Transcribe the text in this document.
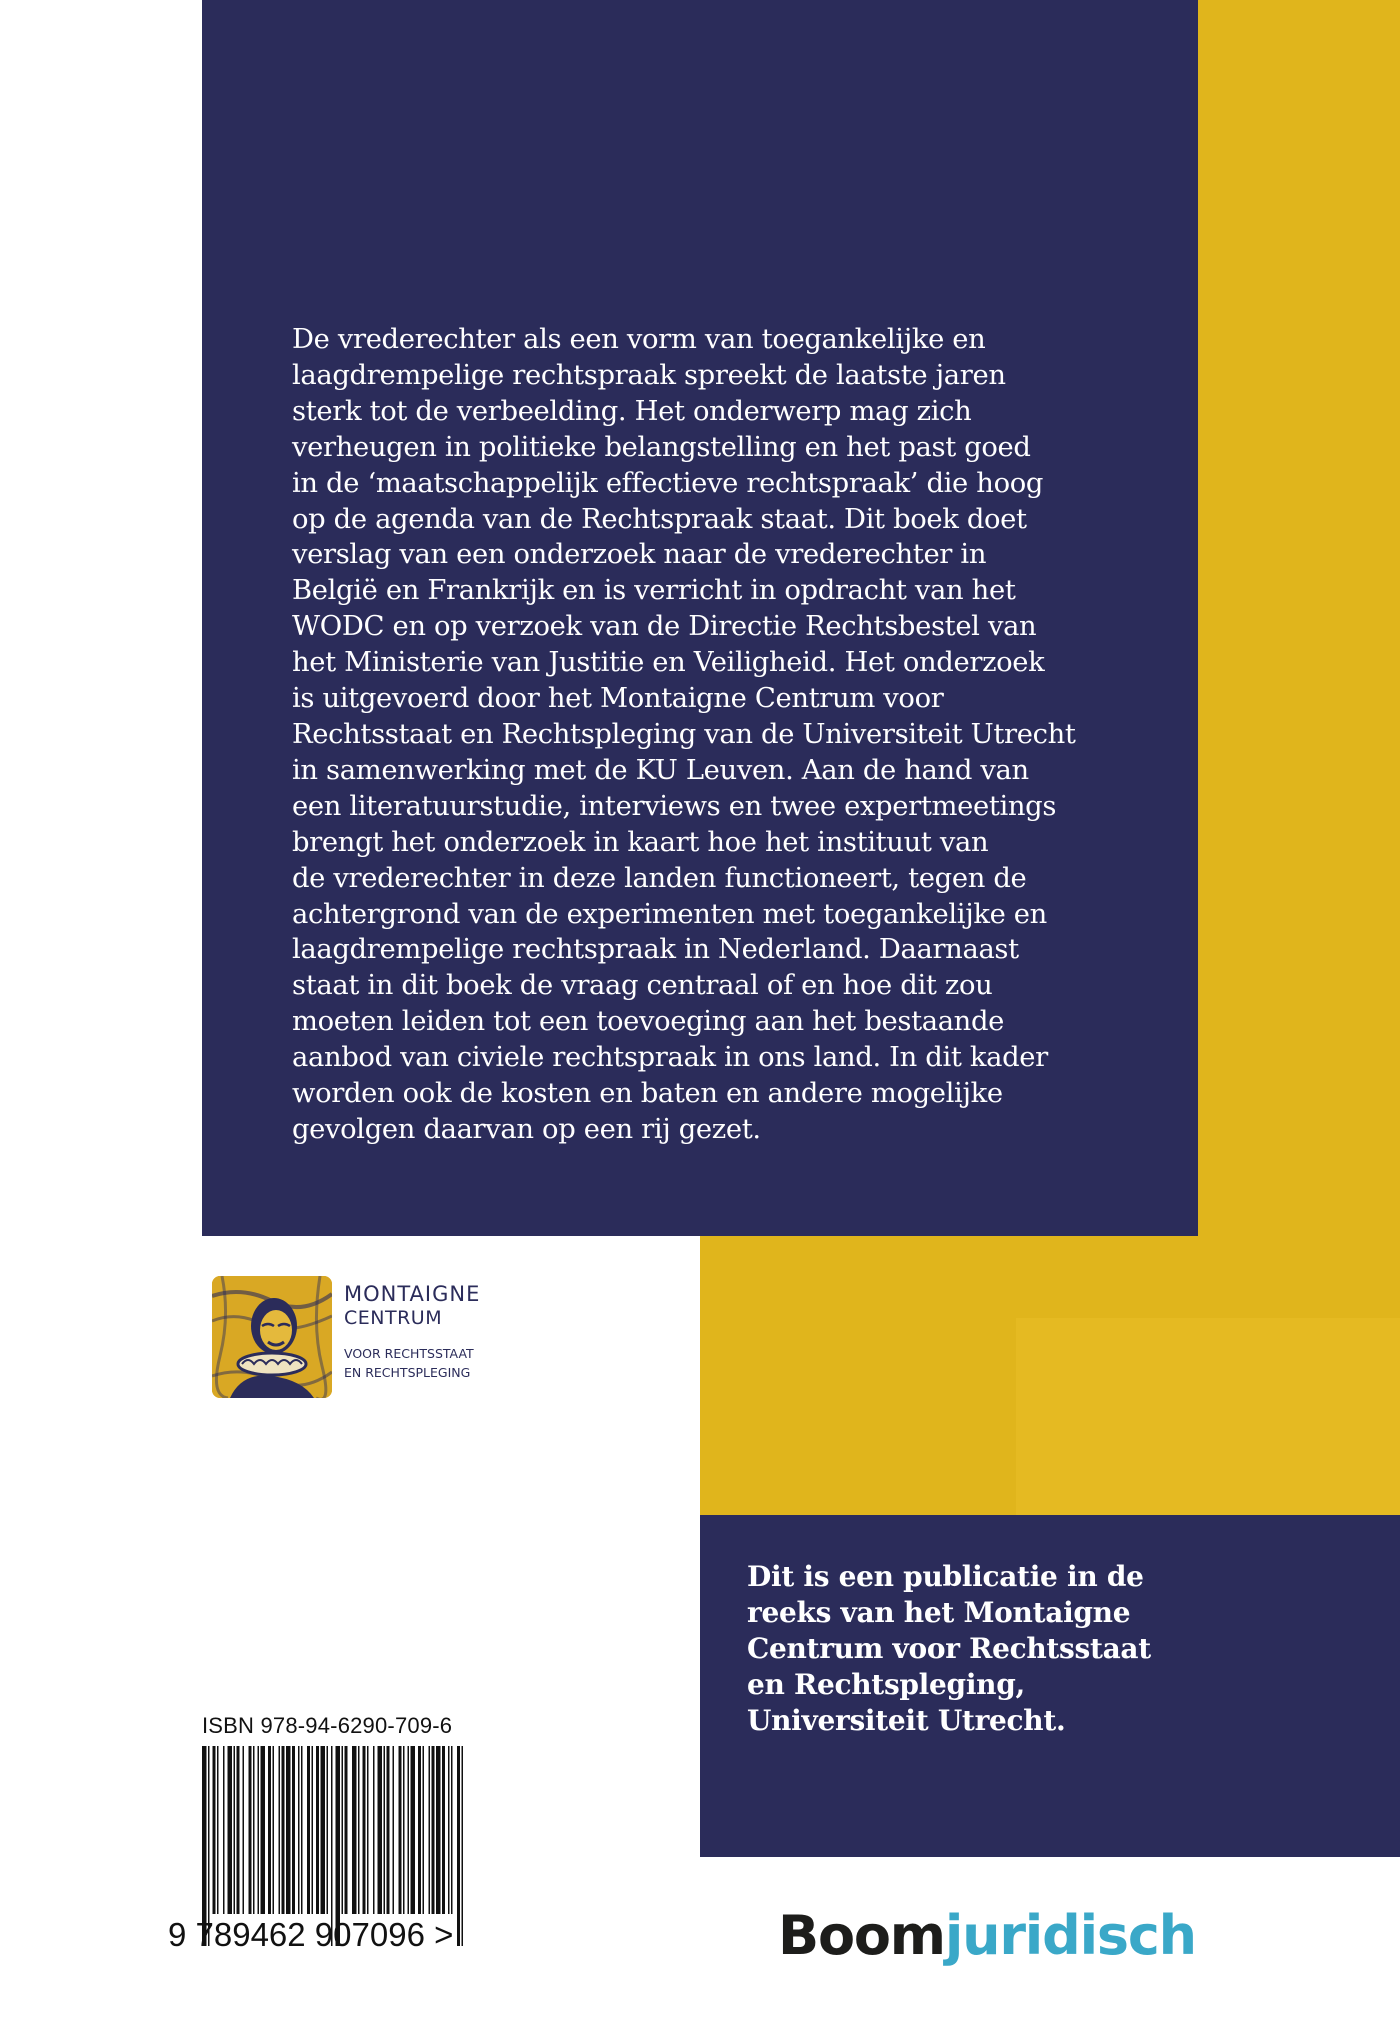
De vrederechter als een vorm van toegankelijke en
laagdrempelige rechtspraak spreekt de laatste jaren
sterk tot de verbeelding. Het onderwerp mag zich
verheugen in politieke belangstelling en het past goed
in de ‘maatschappelijk effectieve rechtspraak’ die hoog
op de agenda van de Rechtspraak staat. Dit boek doet
verslag van een onderzoek naar de vrederechter in
België en Frankrijk en is verricht in opdracht van het
WODC en op verzoek van de Directie Rechtsbestel van
het Ministerie van Justitie en Veiligheid. Het onderzoek
is uitgevoerd door het Montaigne Centrum voor
Rechtsstaat en Rechtspleging van de Universiteit Utrecht
in samenwerking met de KU Leuven. Aan de hand van
een literatuurstudie, interviews en twee expertmeetings
brengt het onderzoek in kaart hoe het instituut van
de vrederechter in deze landen functioneert, tegen de
achtergrond van de experimenten met toegankelijke en
laagdrempelige rechtspraak in Nederland. Daarnaast
staat in dit boek de vraag centraal of en hoe dit zou
moeten leiden tot een toevoeging aan het bestaande
aanbod van civiele rechtspraak in ons land. In dit kader
worden ook de kosten en baten en andere mogelijke
gevolgen daarvan op een rij gezet.

MONTAIGNE
CENTRUM
VOOR RECHTSSTAAT
EN RECHTSPLEGING

Dit is een publicatie in de
reeks van het Montaigne
Centrum voor Rechtsstaat
en Rechtspleging,
Universiteit Utrecht.

ISBN 978-94-6290-709-6
9 789462 907096 >	Boomjuridisch
